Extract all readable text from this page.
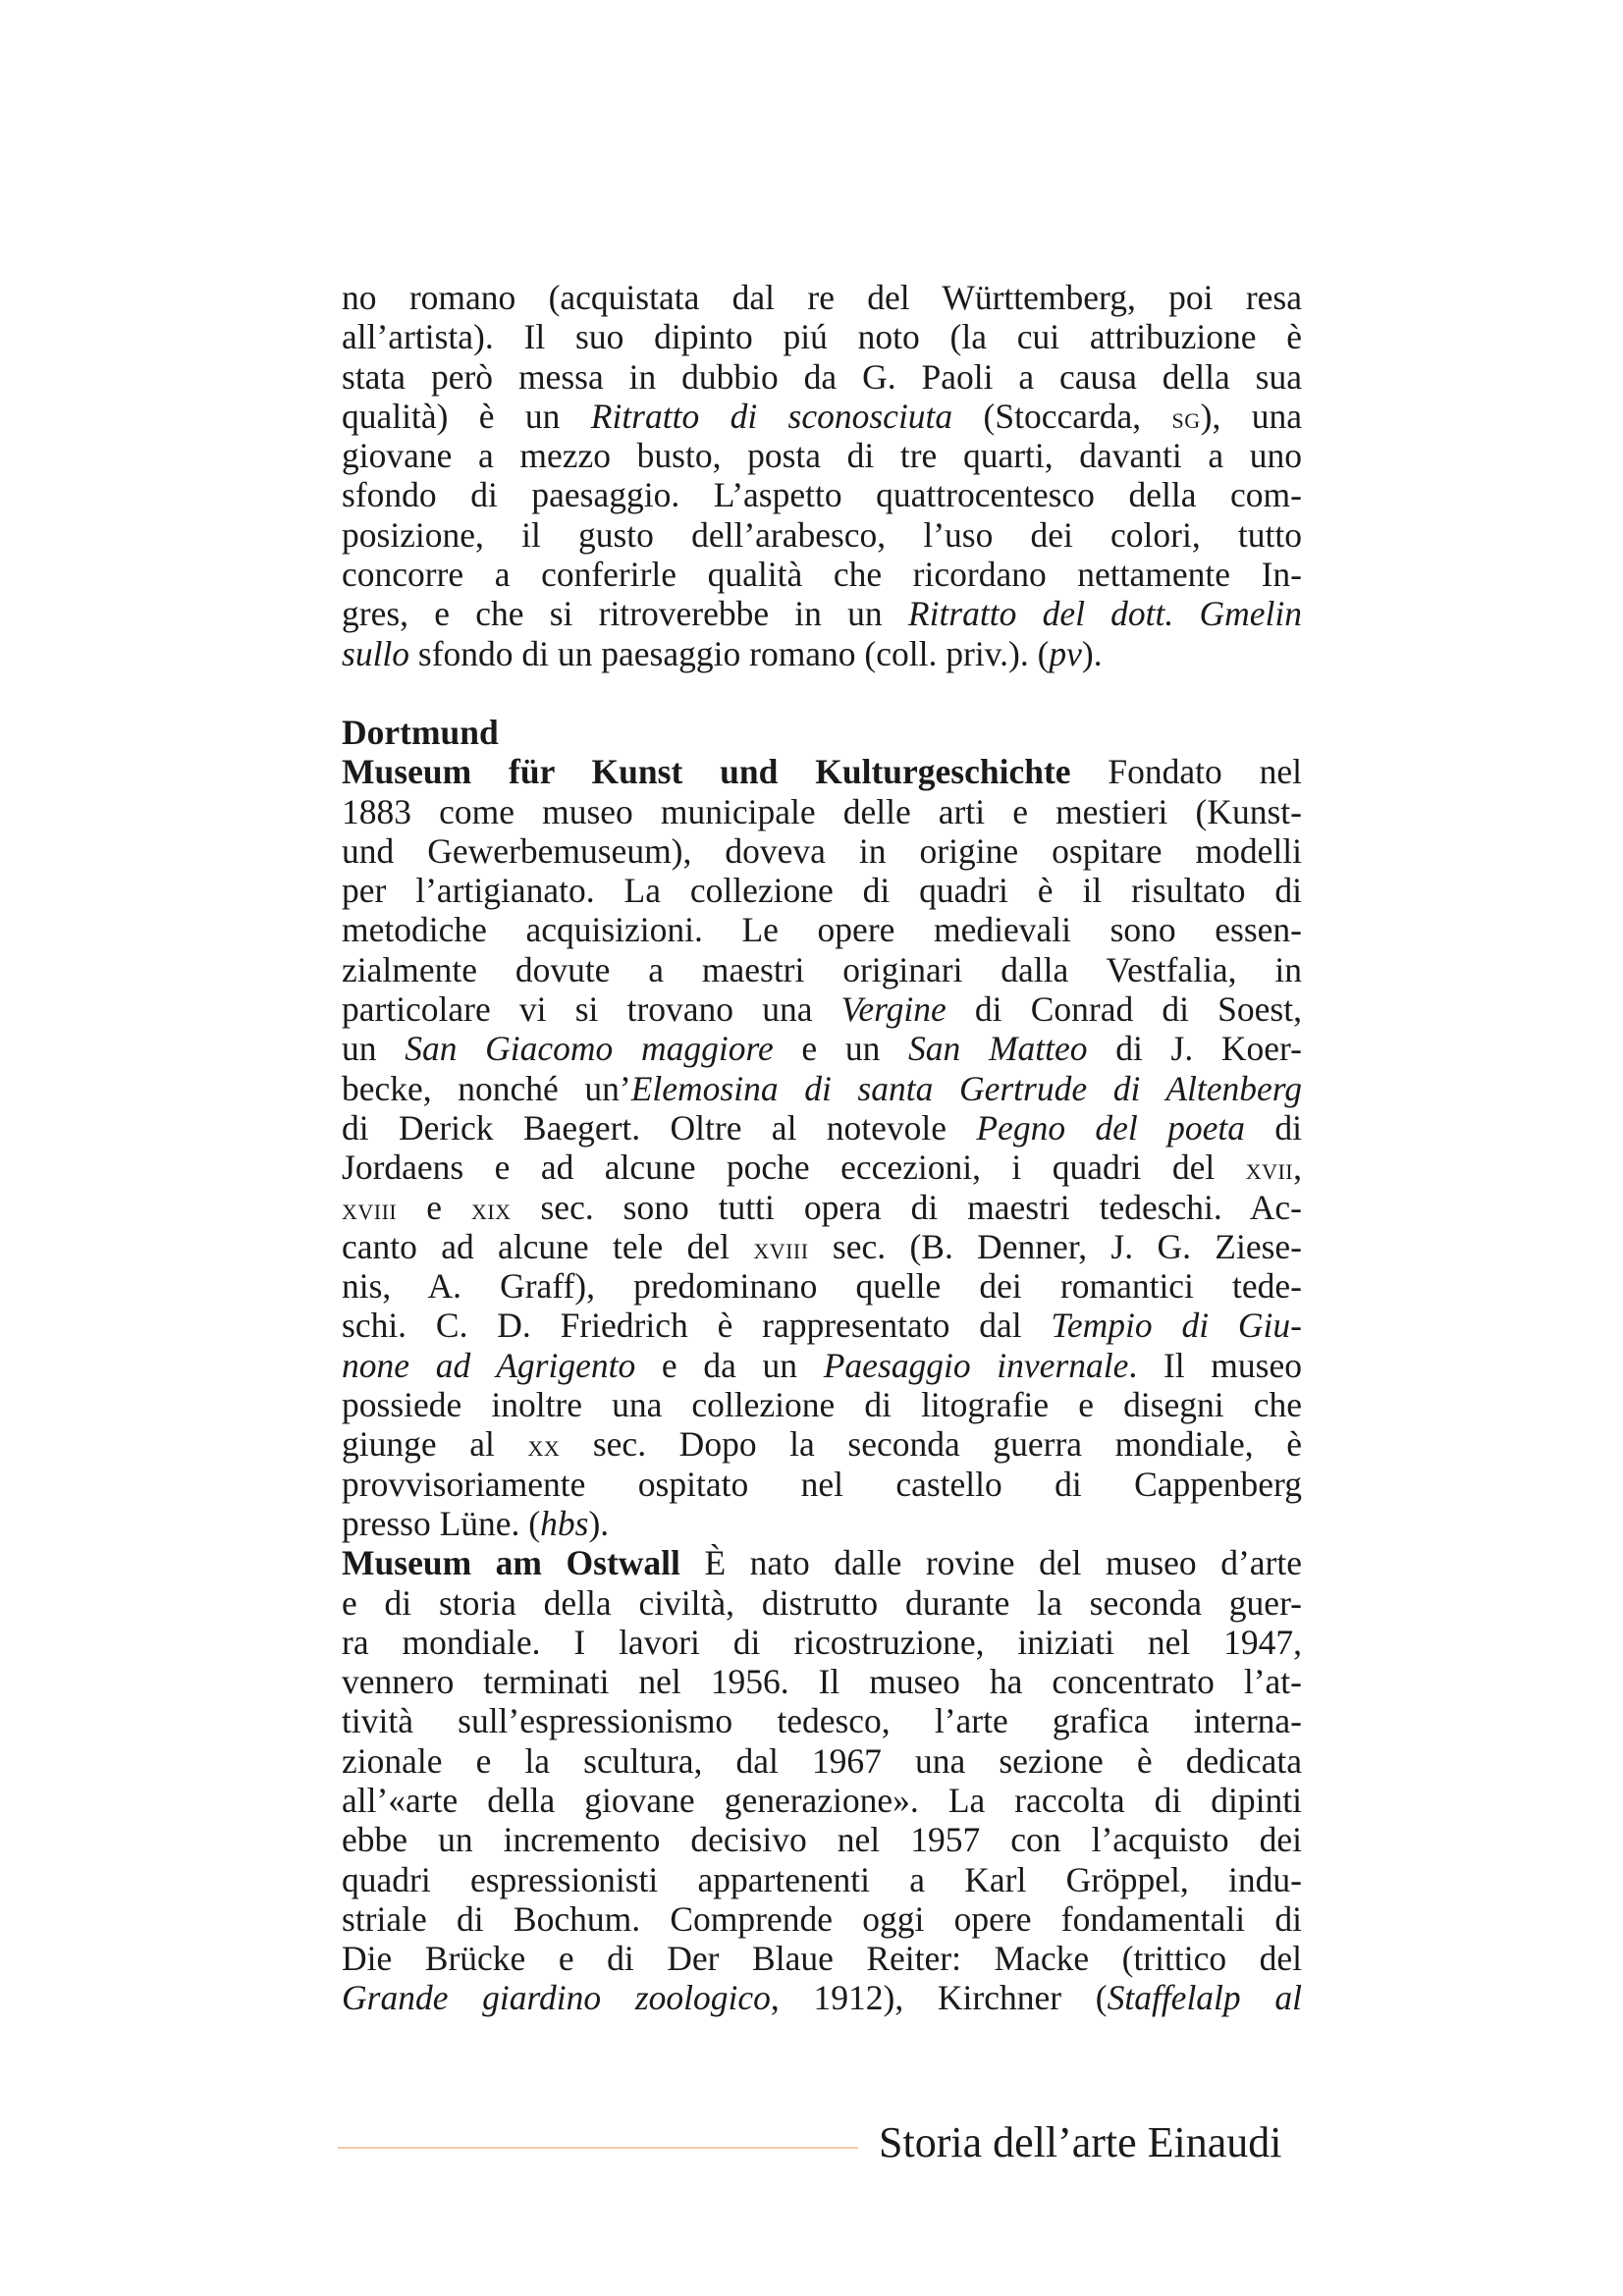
no romano (acquistata dal re del Württemberg, poi resa
all’artista). Il suo dipinto piú noto (la cui attribuzione è
stata però messa in dubbio da G. Paoli a causa della sua
qualità) è un Ritratto di sconosciuta (Stoccarda, sg), una
giovane a mezzo busto, posta di tre quarti, davanti a uno
sfondo di paesaggio. L’aspetto quattrocentesco della com-
posizione, il gusto dell’arabesco, l’uso dei colori, tutto
concorre a conferirle qualità che ricordano nettamente In-
gres, e che si ritroverebbe in un Ritratto del dott. Gmelin
sullo sfondo di un paesaggio romano (coll. priv.). (pv).
Dortmund
Museum für Kunst und Kulturgeschichte Fondato nel
1883 come museo municipale delle arti e mestieri (Kunst-
und Gewerbemuseum), doveva in origine ospitare modelli
per l’artigianato. La collezione di quadri è il risultato di
metodiche acquisizioni. Le opere medievali sono essen-
zialmente dovute a maestri originari dalla Vestfalia, in
particolare vi si trovano una Vergine di Conrad di Soest,
un San Giacomo maggiore e un San Matteo di J. Koer-
becke, nonché un’Elemosina di santa Gertrude di Altenberg
di Derick Baegert. Oltre al notevole Pegno del poeta di
Jordaens e ad alcune poche eccezioni, i quadri del xvii,
xviii e xix sec. sono tutti opera di maestri tedeschi. Ac-
canto ad alcune tele del xviii sec. (B. Denner, J. G. Ziese-
nis, A. Graff), predominano quelle dei romantici tede-
schi. C. D. Friedrich è rappresentato dal Tempio di Giu-
none ad Agrigento e da un Paesaggio invernale. Il museo
possiede inoltre una collezione di litografie e disegni che
giunge al xx sec. Dopo la seconda guerra mondiale, è
provvisoriamente ospitato nel castello di Cappenberg
presso Lüne. (hbs).
Museum am Ostwall È nato dalle rovine del museo d’arte
e di storia della civiltà, distrutto durante la seconda guer-
ra mondiale. I lavori di ricostruzione, iniziati nel 1947,
vennero terminati nel 1956. Il museo ha concentrato l’at-
tività sull’espressionismo tedesco, l’arte grafica interna-
zionale e la scultura, dal 1967 una sezione è dedicata
all’«arte della giovane generazione». La raccolta di dipinti
ebbe un incremento decisivo nel 1957 con l’acquisto dei
quadri espressionisti appartenenti a Karl Gröppel, indu-
striale di Bochum. Comprende oggi opere fondamentali di
Die Brücke e di Der Blaue Reiter: Macke (trittico del
Grande giardino zoologico, 1912), Kirchner (Staffelalp al
Storia dell’arte Einaudi
